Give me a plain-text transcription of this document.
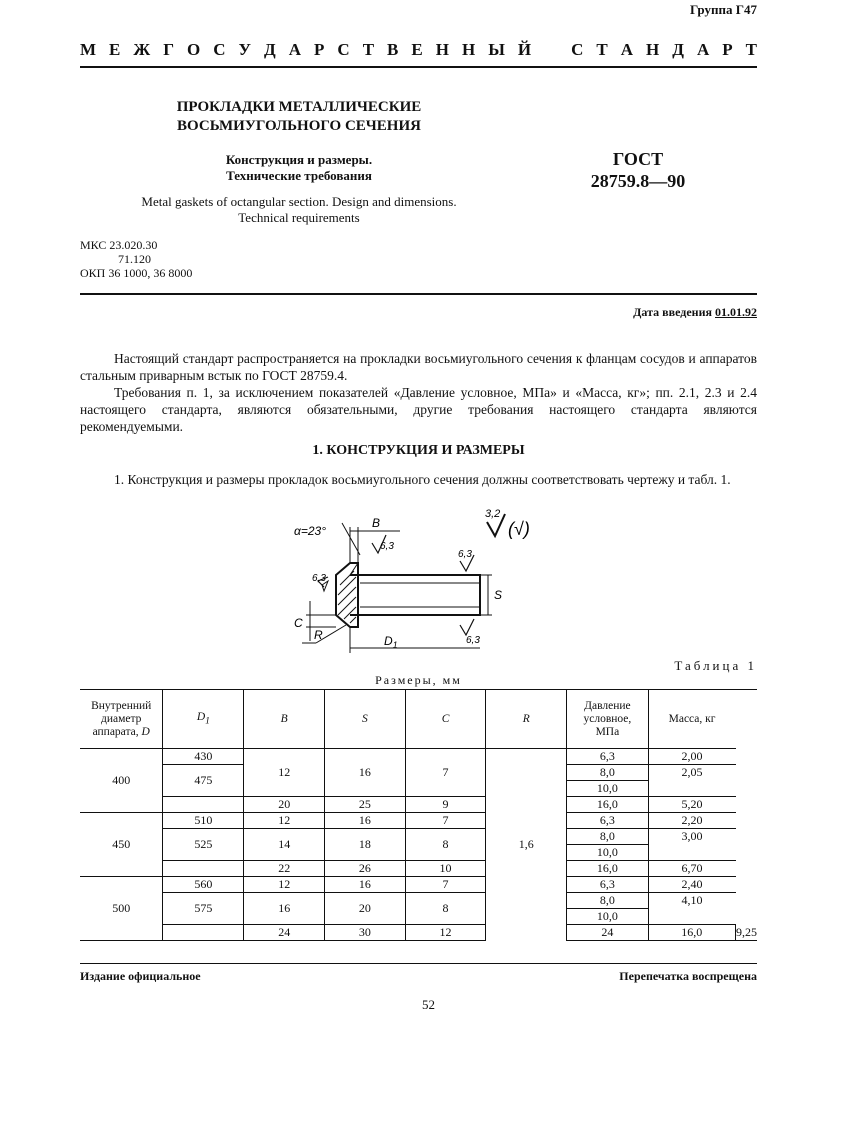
Группа Г47
М Е Ж Г О С У Д А Р С Т В Е Н Н Ы Й С Т А Н Д А Р Т
ПРОКЛАДКИ МЕТАЛЛИЧЕСКИЕ
ВОСЬМИУГОЛЬНОГО СЕЧЕНИЯ
Конструкция и размеры.
Технические требования
ГОСТ
28759.8—90
Metal gaskets of octangular section. Design and dimensions.
Technical requirements
МКС 23.020.30
71.120
ОКП 36 1000, 36 8000
Дата введения 01.01.92
Настоящий стандарт распространяется на прокладки восьмиугольного сечения к фланцам сосудов и аппаратов стальным приварным встык по ГОСТ 28759.4.
Требования п. 1, за исключением показателей «Давление условное, МПа» и «Масса, кг»; пп. 2.1, 2.3 и 2.4 настоящего стандарта, являются обязательными, другие требования настоящего стандарта являются рекомендуемыми.
1. КОНСТРУКЦИЯ И РАЗМЕРЫ
1. Конструкция и размеры прокладок восьмиугольного сечения должны соответствовать чертежу и табл. 1.
α=23°
B
S
C
R	$D_1$
6,3
6,3
6,3
6,3
3,2
(√)
Таблица 1
Размеры, мм
Внутренний
диаметр
аппарата, D	$D_1$	B	S	C	R	Давление
условное,
МПа	Масса, кг	
400	430	12	16	7	1,6	6,3	2,00	
	475					8,0	2,05	
						10,0		
		20	25	9		16,0	5,20	
450	510	12	16	7		6,3	2,20	
	525	14	18	8		8,0	3,00	
						10,0		
		22	26	10		16,0	6,70	
500	560	12	16	7		6,3	2,40	
	575	16	20	8		8,0	4,10	
						10,0		
		24	30	12		24	16,0	9,25
Издание официальное	Перепечатка воспрещена
52
